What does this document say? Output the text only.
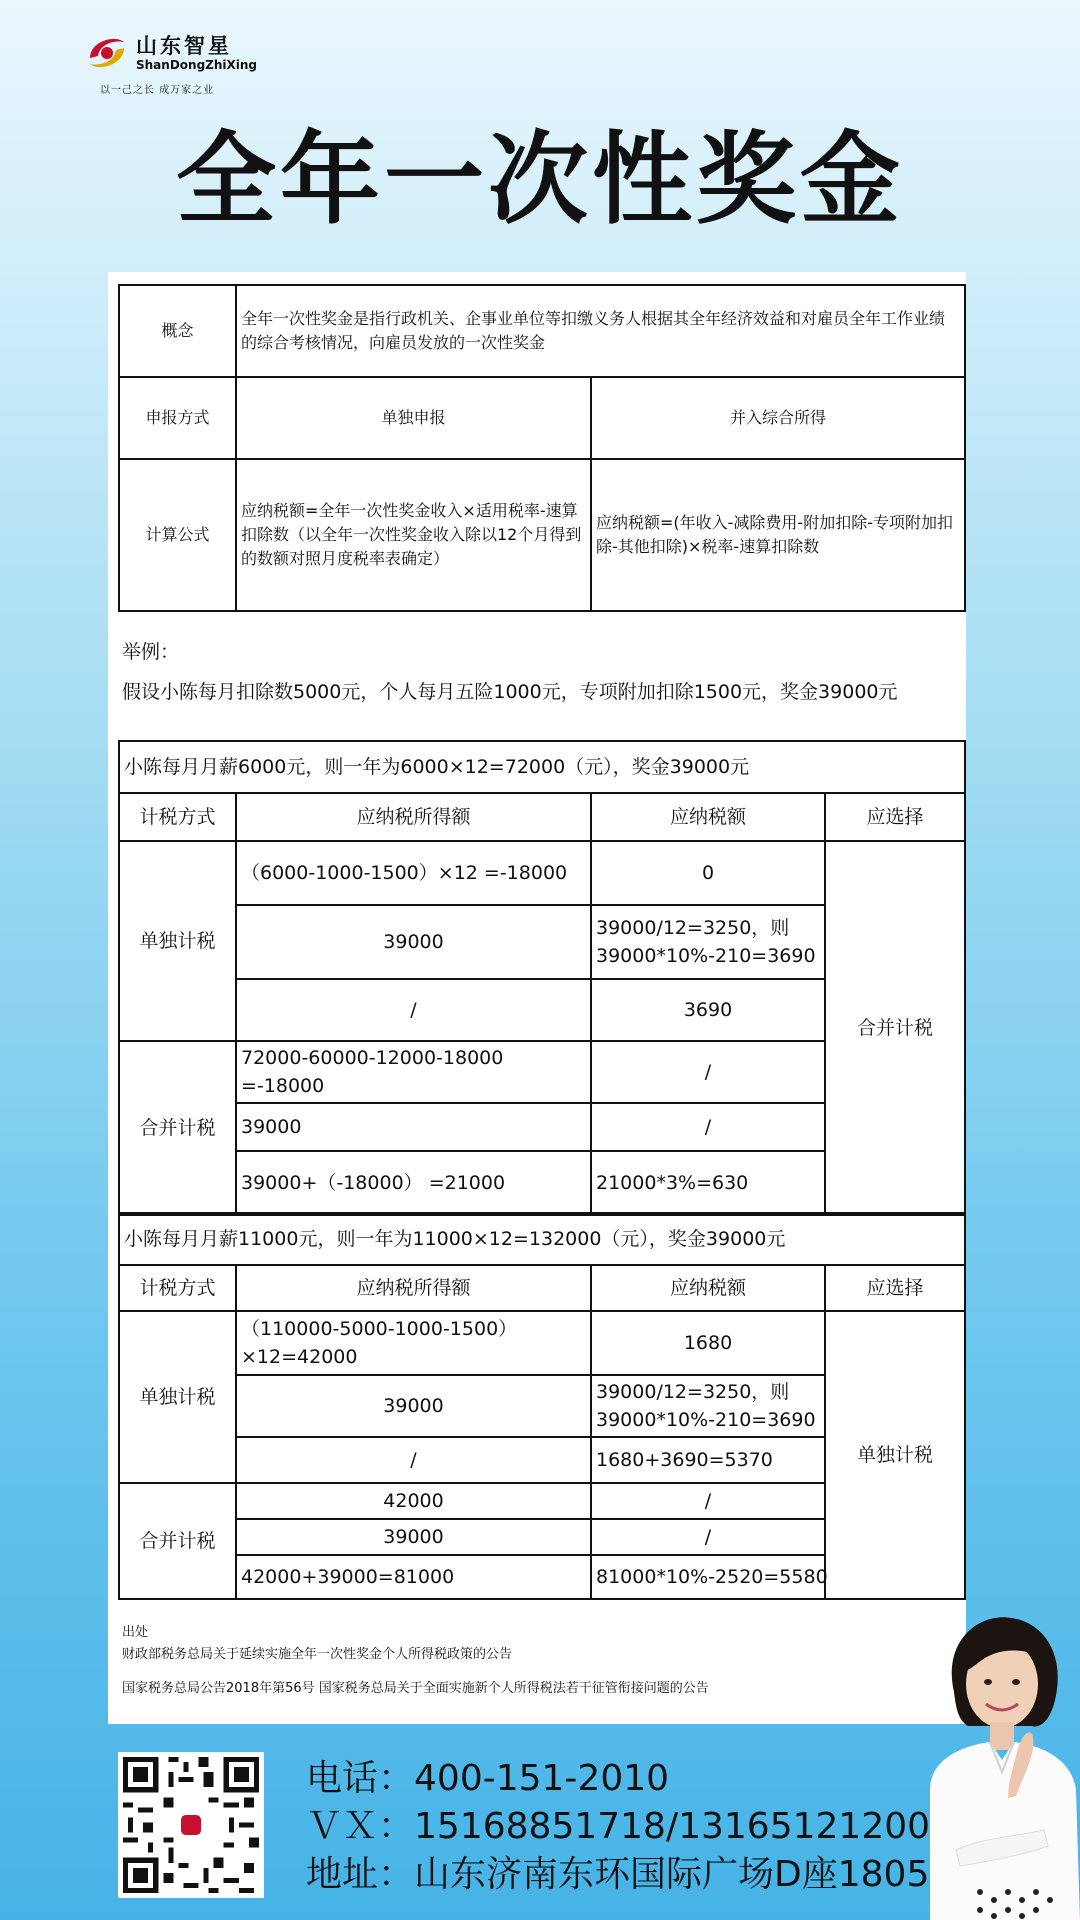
山东智星
ShanDongZhiXing
以一己之长 成万家之业
全年一次性奖金
概念	全年一次性奖金是指行政机关、企事业单位等扣缴义务人根据其全年经济效益和对雇员全年工作业绩的综合考核情况，向雇员发放的一次性奖金	
申报方式	单独申报	并入综合所得
计算公式	应纳税额=全年一次性奖金收入×适用税率-速算扣除数（以全年一次性奖金收入除以12个月得到的数额对照月度税率表确定）	应纳税额=(年收入-减除费用-附加扣除-专项附加扣除-其他扣除)×税率-速算扣除数
举例：
假设小陈每月扣除数5000元，个人每月五险1000元，专项附加扣除1500元，奖金39000元
小陈每月月薪6000元，则一年为6000×12=72000（元），奖金39000元			
计税方式	应纳税所得额	应纳税额	应选择
单独计税	（6000-1000-1500）×12 =-18000	0	合并计税
	39000	39000/12=3250，则 39000*10%-210=3690	
	/	3690	
合并计税	72000-60000-12000-18000 =-18000	/	
	39000	/	
	39000+（-18000） =21000	21000*3%=630	
小陈每月月薪11000元，则一年为11000×12=132000（元），奖金39000元			
计税方式	应纳税所得额	应纳税额	应选择
单独计税	（110000-5000-1000-1500）×12=42000	1680	单独计税
	39000	39000/12=3250，则 39000*10%-210=3690	
	/	1680+3690=5370	
合并计税	42000	/	
	39000	/	
	42000+39000=81000	81000*10%-2520=5580	
出处
财政部税务总局关于延续实施全年一次性奖金个人所得税政策的公告
国家税务总局公告2018年第56号 国家税务总局关于全面实施新个人所得税法若干征管衔接问题的公告
电话：400-151-2010
ＶＸ：15168851718/13165121200
地址：山东济南东环国际广场D座1805
